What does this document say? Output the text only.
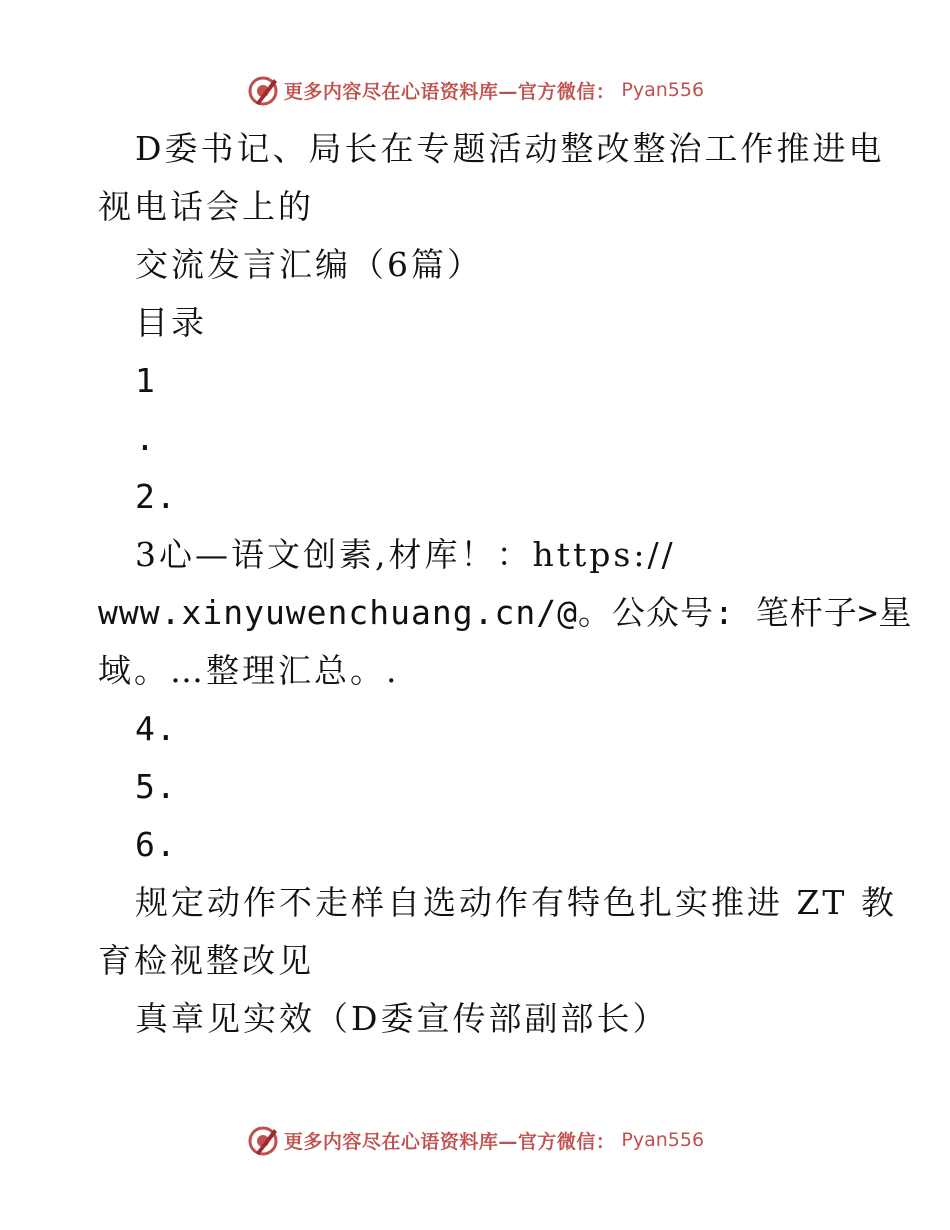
更多内容尽在心语资料库—官方微信： Pyan556
D委书记、局长在专题活动整改整治工作推进电
视电话会上的
交流发言汇编（6篇）
目录
1
.
2.
3心—语文创素,材库！：https://
www.xinyuwenchuang.cn/@。公众号: 笔杆子>星
域。…整理汇总。.
4.
5.
6.
规定动作不走样自选动作有特色扎实推进 ZT 教
育检视整改见
真章见实效（D委宣传部副部长）
更多内容尽在心语资料库—官方微信： Pyan556
